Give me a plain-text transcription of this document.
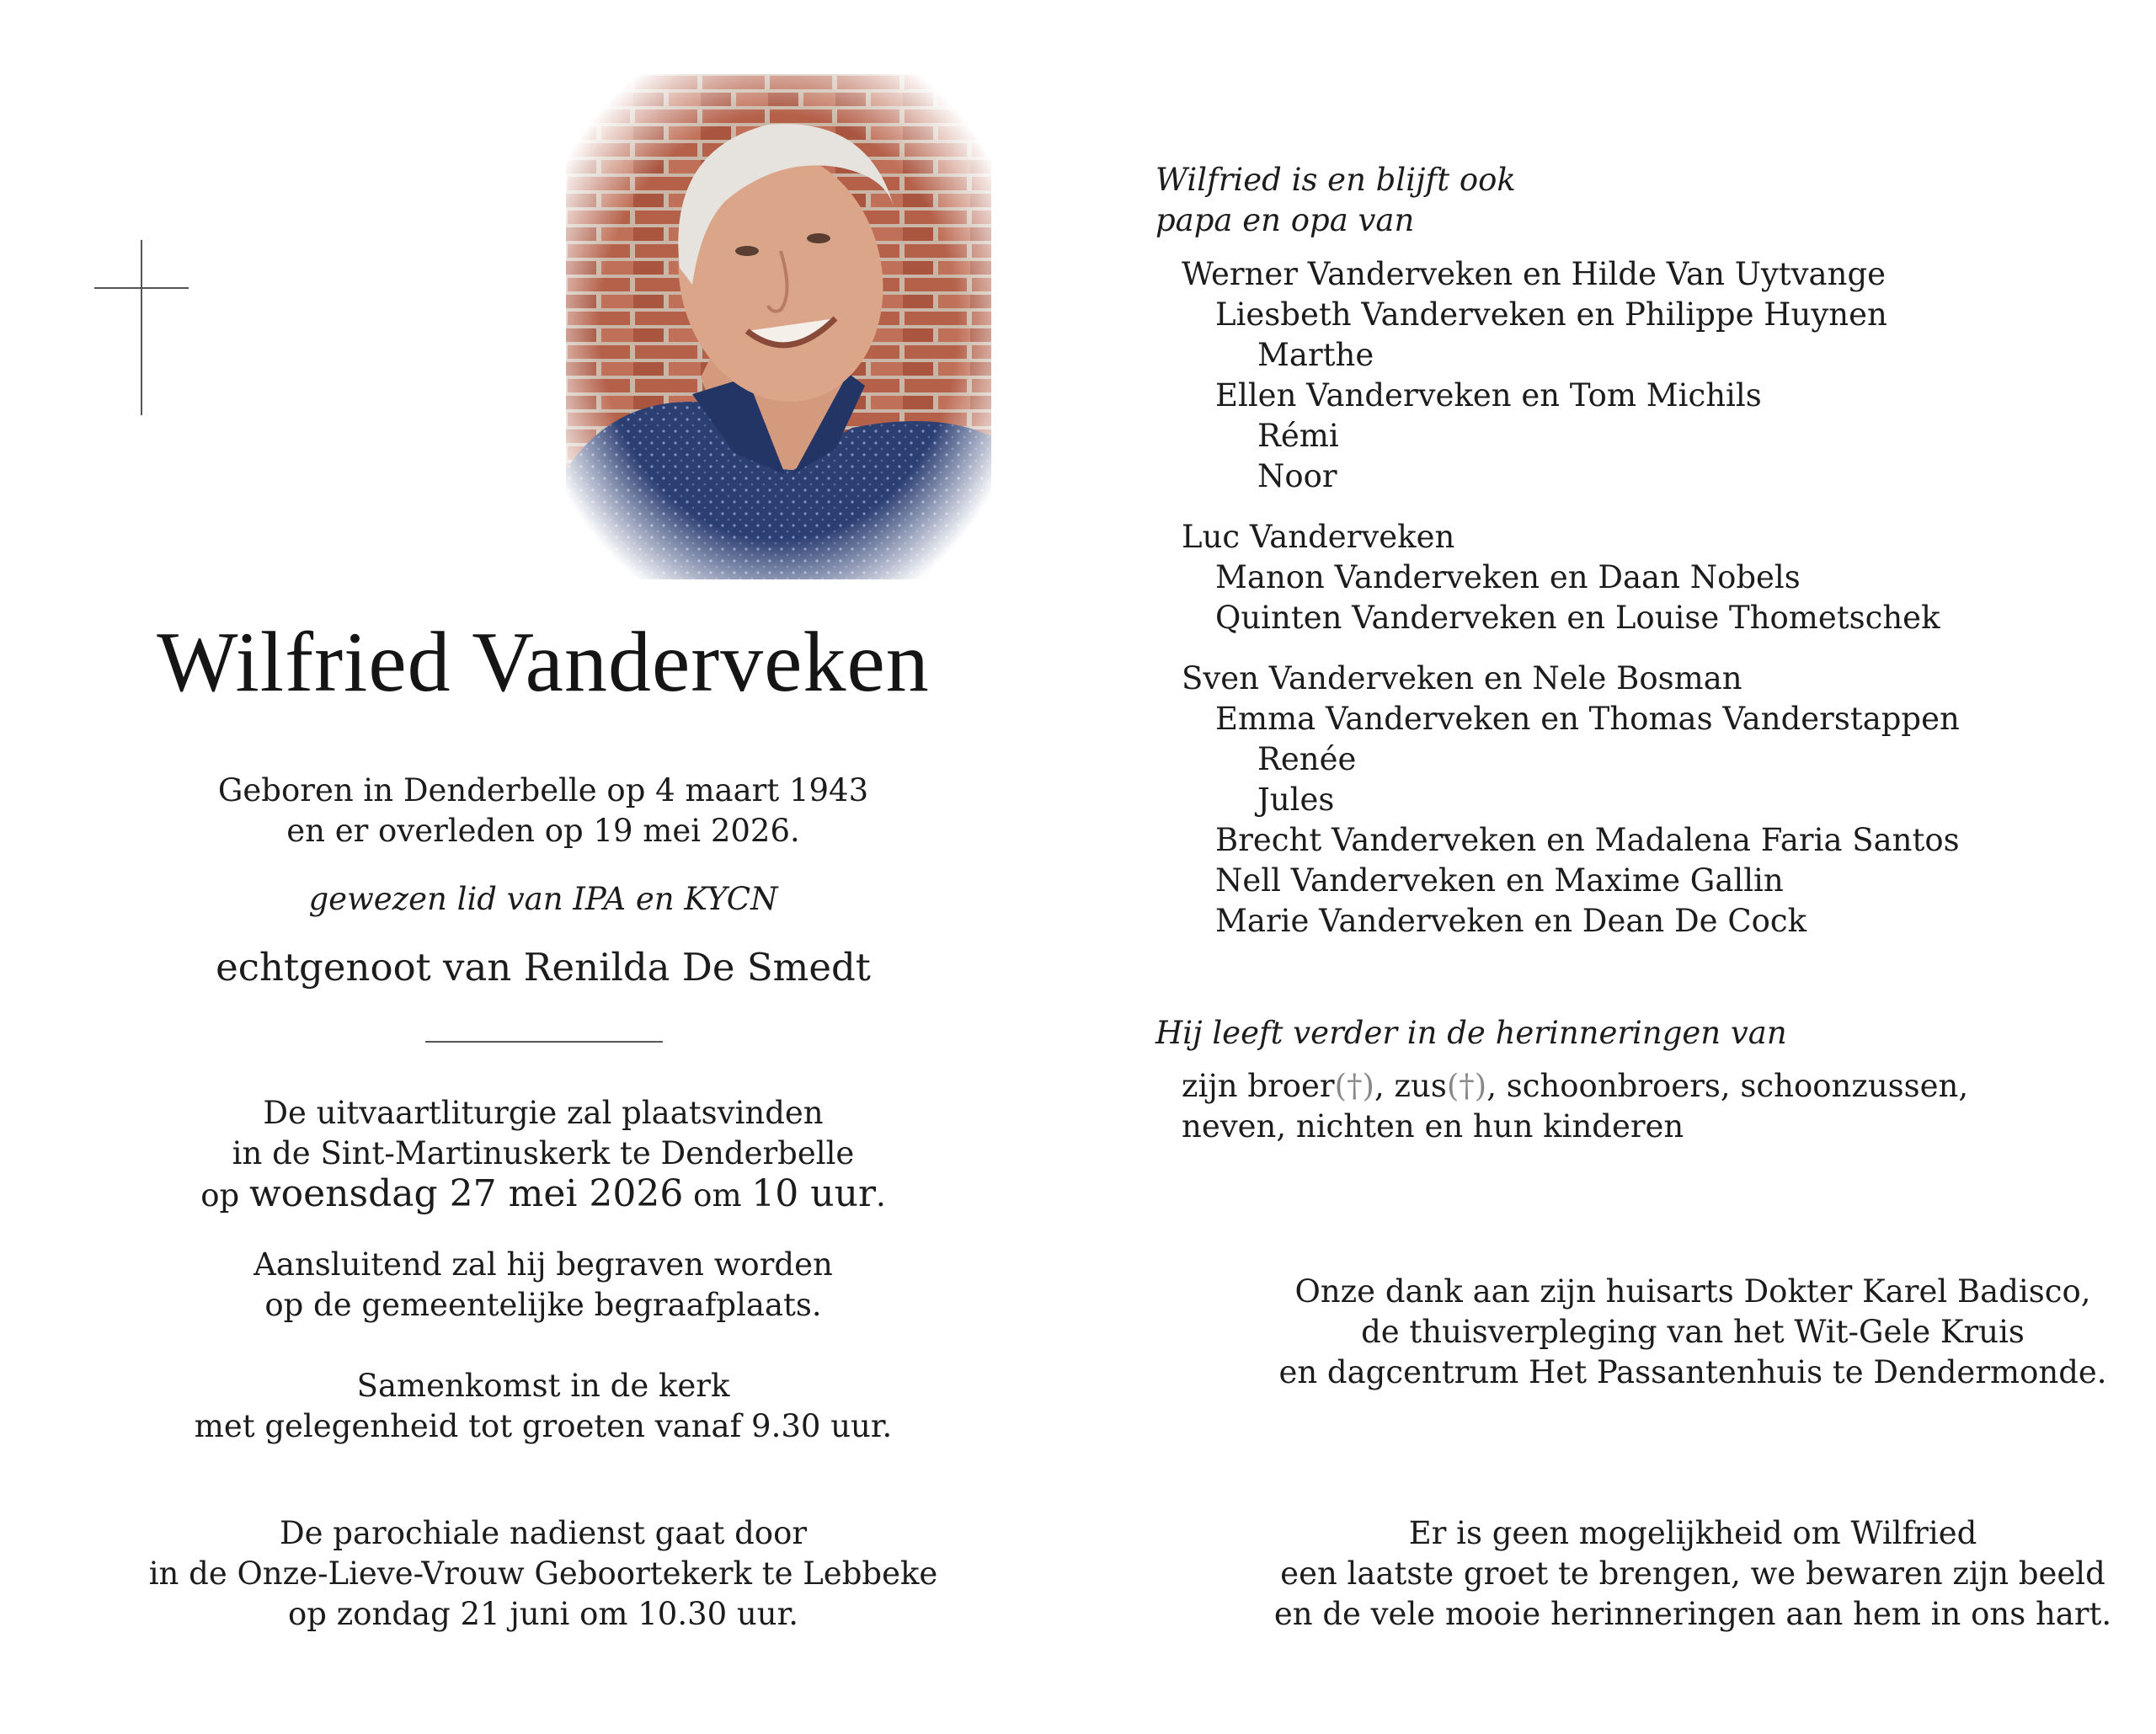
Wilfried Vanderveken
Geboren in Denderbelle op 4 maart 1943
en er overleden op 19 mei 2026.
gewezen lid van IPA en KYCN
echtgenoot van Renilda De Smedt
De uitvaartliturgie zal plaatsvinden
in de Sint-Martinuskerk te Denderbelle
op woensdag 27 mei 2026 om 10 uur.
Aansluitend zal hij begraven worden
op de gemeentelijke begraafplaats.
Samenkomst in de kerk
met gelegenheid tot groeten vanaf 9.30 uur.
De parochiale nadienst gaat door
in de Onze-Lieve-Vrouw Geboortekerk te Lebbeke
op zondag 21 juni om 10.30 uur.
Wilfried is en blijft ook
papa en opa van
Werner Vanderveken en Hilde Van Uytvange
Liesbeth Vanderveken en Philippe Huynen
Marthe
Ellen Vanderveken en Tom Michils
Rémi
Noor
Luc Vanderveken
Manon Vanderveken en Daan Nobels
Quinten Vanderveken en Louise Thometschek
Sven Vanderveken en Nele Bosman
Emma Vanderveken en Thomas Vanderstappen
Renée
Jules
Brecht Vanderveken en Madalena Faria Santos
Nell Vanderveken en Maxime Gallin
Marie Vanderveken en Dean De Cock
Hij leeft verder in de herinneringen van
zijn broer(†), zus(†), schoonbroers, schoonzussen,
neven, nichten en hun kinderen
Onze dank aan zijn huisarts Dokter Karel Badisco,
de thuisverpleging van het Wit-Gele Kruis
en dagcentrum Het Passantenhuis te Dendermonde.
Er is geen mogelijkheid om Wilfried
een laatste groet te brengen, we bewaren zijn beeld
en de vele mooie herinneringen aan hem in ons hart.
